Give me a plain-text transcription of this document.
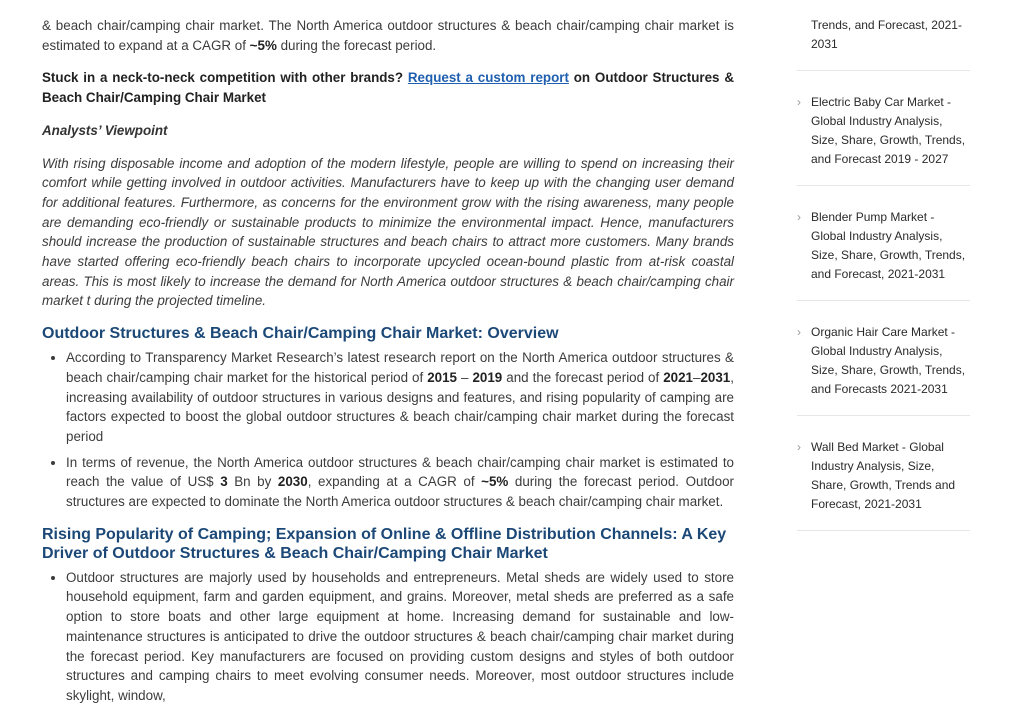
& beach chair/camping chair market. The North America outdoor structures & beach chair/camping chair market is estimated to expand at a CAGR of ~5% during the forecast period.

Stuck in a neck-to-neck competition with other brands? Request a custom report on Outdoor Structures & Beach Chair/Camping Chair Market

Analysts’ Viewpoint

With rising disposable income and adoption of the modern lifestyle, people are willing to spend on increasing their comfort while getting involved in outdoor activities. Manufacturers have to keep up with the changing user demand for additional features. Furthermore, as concerns for the environment grow with the rising awareness, many people are demanding eco-friendly or sustainable products to minimize the environmental impact. Hence, manufacturers should increase the production of sustainable structures and beach chairs to attract more customers. Many brands have started offering eco-friendly beach chairs to incorporate upcycled ocean-bound plastic from at-risk coastal areas. This is most likely to increase the demand for North America outdoor structures & beach chair/camping chair market t during the projected timeline.

Outdoor Structures & Beach Chair/Camping Chair Market: Overview
• According to Transparency Market Research’s latest research report on the North America outdoor structures & beach chair/camping chair market for the historical period of 2015 – 2019 and the forecast period of 2021–2031, increasing availability of outdoor structures in various designs and features, and rising popularity of camping are factors expected to boost the global outdoor structures & beach chair/camping chair market during the forecast period
• In terms of revenue, the North America outdoor structures & beach chair/camping chair market is estimated to reach the value of US$ 3 Bn by 2030, expanding at a CAGR of ~5% during the forecast period. Outdoor structures are expected to dominate the North America outdoor structures & beach chair/camping chair market.
Rising Popularity of Camping; Expansion of Online & Offline Distribution Channels: A Key Driver of Outdoor Structures & Beach Chair/Camping Chair Market
• Outdoor structures are majorly used by households and entrepreneurs. Metal sheds are widely used to store household equipment, farm and garden equipment, and grains. Moreover, metal sheds are preferred as a safe option to store boats and other large equipment at home. Increasing demand for sustainable and low-maintenance structures is anticipated to drive the outdoor structures & beach chair/camping chair market during the forecast period. Key manufacturers are focused on providing custom designs and styles of both outdoor structures and camping chairs to meet evolving consumer needs. Moreover, most outdoor structures include skylight, window,
Trends, and Forecast, 2021-2031
› Electric Baby Car Market - Global Industry Analysis, Size, Share, Growth, Trends, and Forecast 2019 - 2027
› Blender Pump Market - Global Industry Analysis, Size, Share, Growth, Trends, and Forecast, 2021-2031
› Organic Hair Care Market - Global Industry Analysis, Size, Share, Growth, Trends, and Forecasts 2021-2031
› Wall Bed Market - Global Industry Analysis, Size, Share, Growth, Trends and Forecast, 2021-2031
